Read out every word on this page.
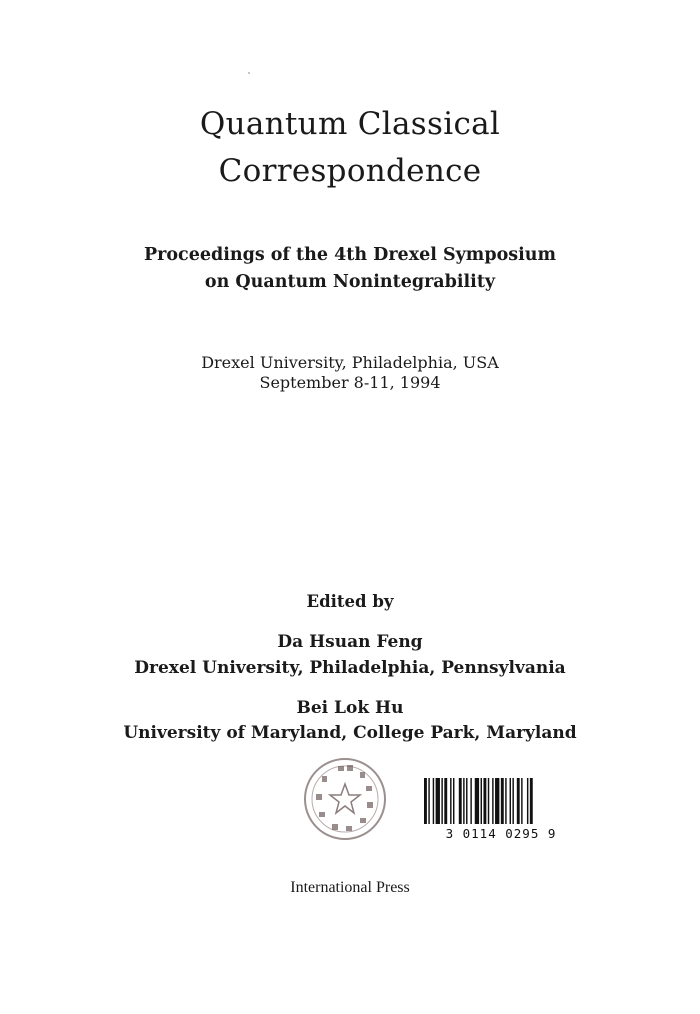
Quantum Classical
Correspondence
Proceedings of the 4th Drexel Symposium
on Quantum Nonintegrability
Drexel University, Philadelphia, USA
September 8-11, 1994
Edited by
Da Hsuan Feng
Drexel University, Philadelphia, Pennsylvania
Bei Lok Hu
University of Maryland, College Park, Maryland
3 0114 0295 9
International Press
